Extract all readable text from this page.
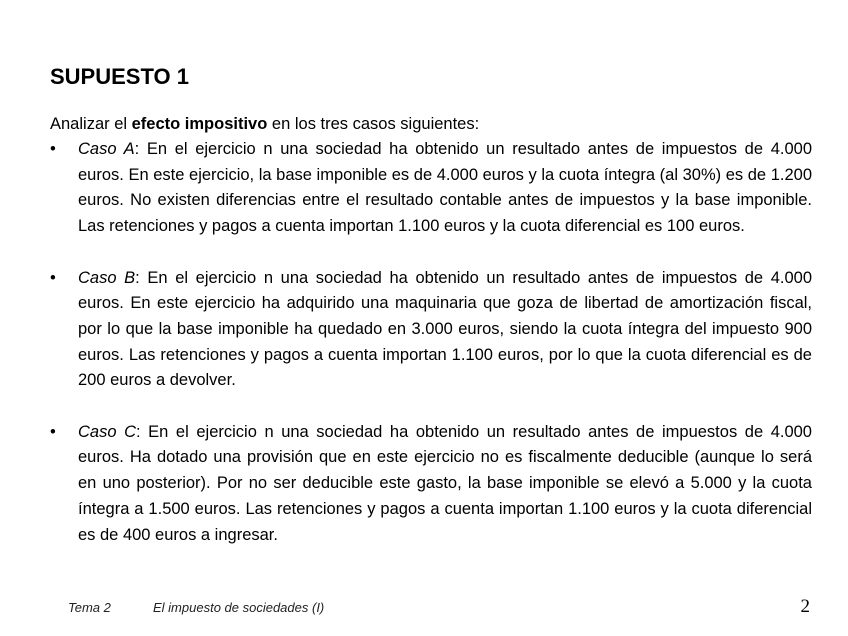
SUPUESTO 1
Analizar el efecto impositivo en los tres casos siguientes:
• Caso A: En el ejercicio n una sociedad ha obtenido un resultado antes de impuestos de 4.000 euros. En este ejercicio, la base imponible es de 4.000 euros y la cuota íntegra (al 30%) es de 1.200 euros. No existen diferencias entre el resultado contable antes de impuestos y la base imponible. Las retenciones y pagos a cuenta importan 1.100 euros y la cuota diferencial es 100 euros.
• Caso B: En el ejercicio n una sociedad ha obtenido un resultado antes de impuestos de 4.000 euros. En este ejercicio ha adquirido una maquinaria que goza de libertad de amortización fiscal, por lo que la base imponible ha quedado en 3.000 euros, siendo la cuota íntegra del impuesto 900 euros. Las retenciones y pagos a cuenta importan 1.100 euros, por lo que la cuota diferencial es de 200 euros a devolver.
• Caso C: En el ejercicio n una sociedad ha obtenido un resultado antes de impuestos de 4.000 euros. Ha dotado una provisión que en este ejercicio no es fiscalmente deducible (aunque lo será en uno posterior). Por no ser deducible este gasto, la base imponible se elevó a 5.000 y la cuota íntegra a 1.500 euros. Las retenciones y pagos a cuenta importan 1.100 euros y la cuota diferencial es de 400 euros a ingresar.
Tema 2	El impuesto de sociedades (I)	2
